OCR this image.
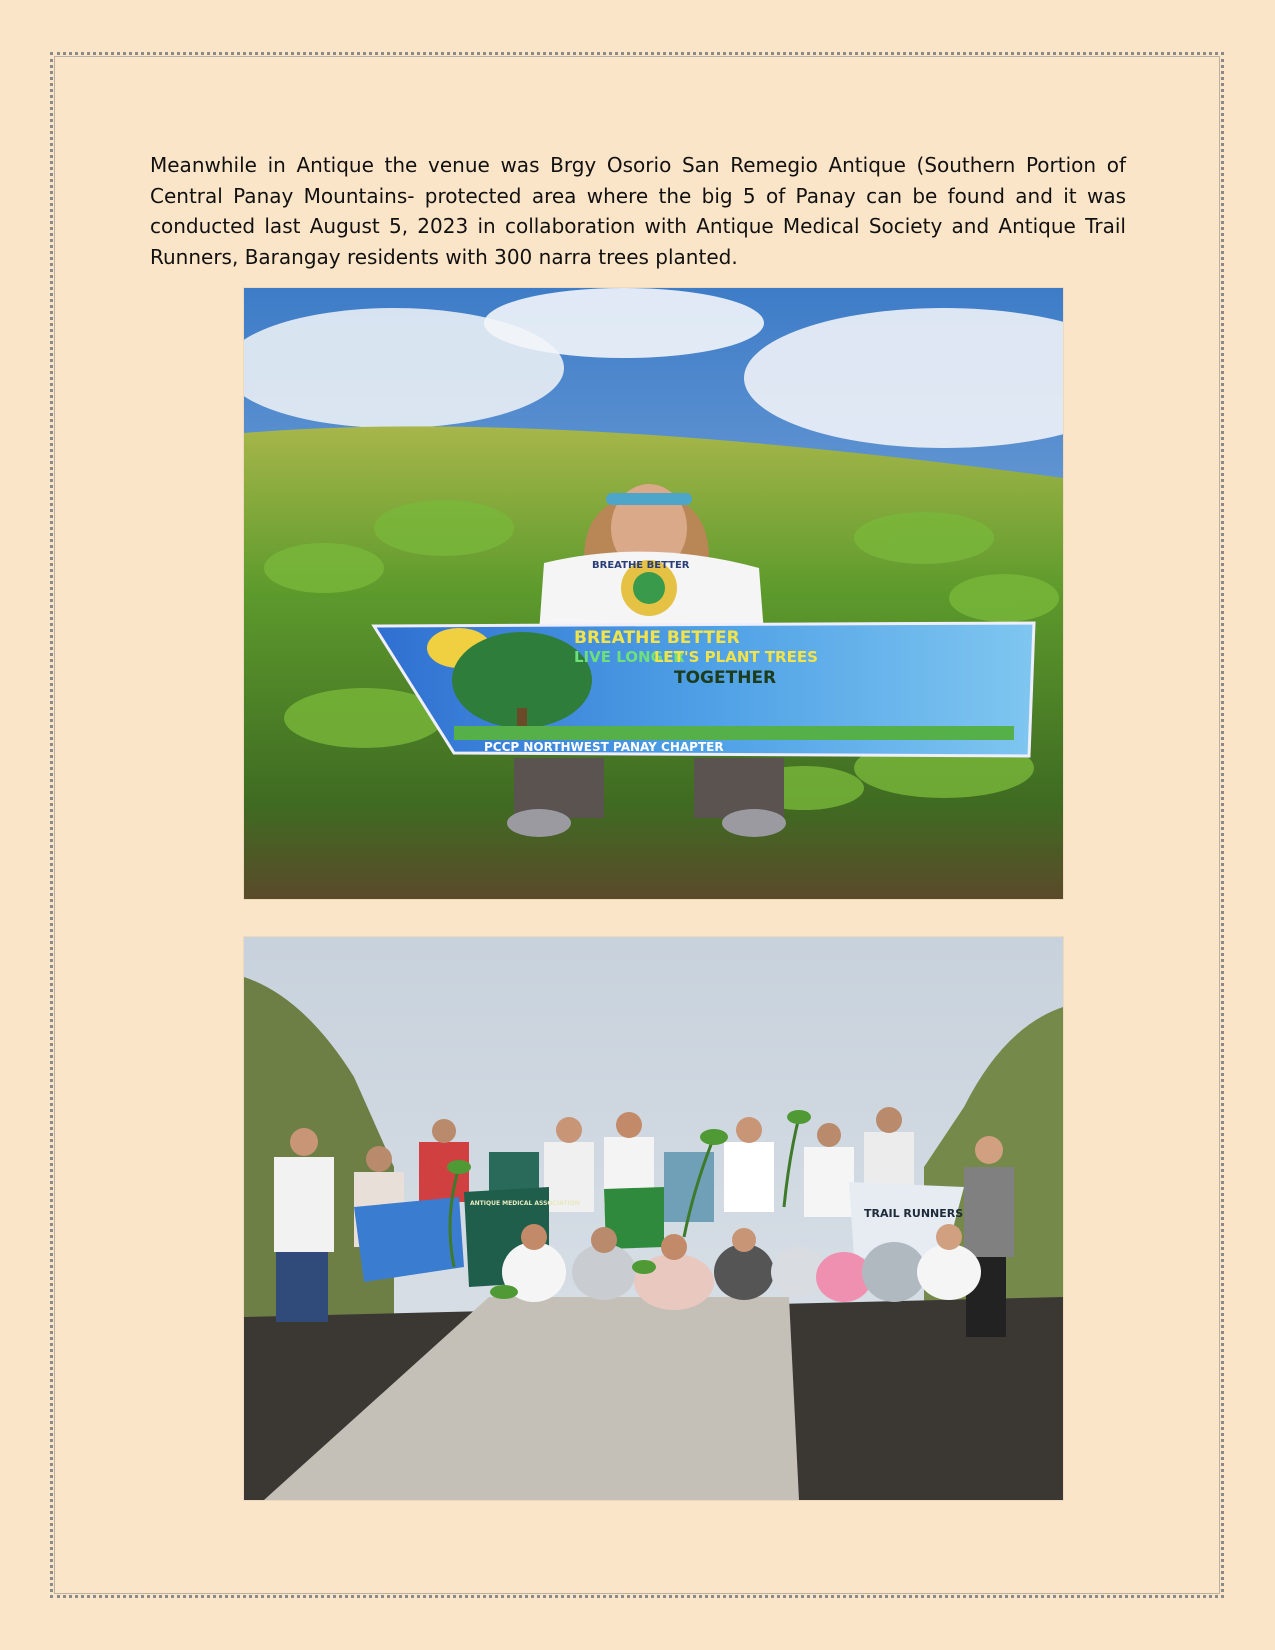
Meanwhile in Antique the venue was Brgy Osorio San Remegio Antique (Southern Portion of Central Panay Mountains- protected area where the big 5 of Panay can be found and it was conducted last August 5, 2023 in collaboration with Antique Medical Society and Antique Trail Runners, Barangay residents with 300 narra trees planted.

BREATHE BETTER
LIVE LONGER
LET'S PLANT TREES
TOGETHER
PCCP NORTHWEST PANAY CHAPTER
BREATHE BETTER
ANTIQUE MEDICAL ASSOCIATION
TRAIL RUNNERS
